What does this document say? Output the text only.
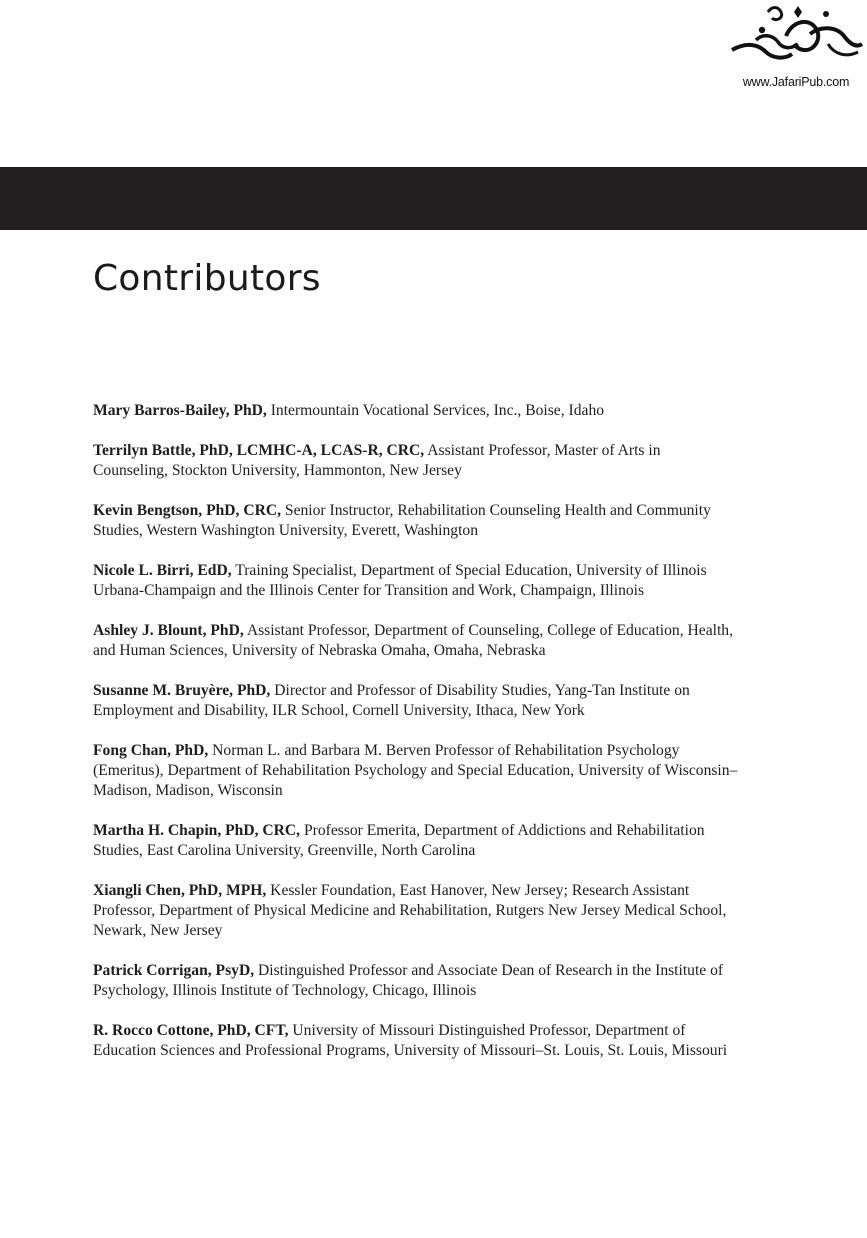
www.JafariPub.com
Contributors

Mary Barros-Bailey, PhD, Intermountain Vocational Services, Inc., Boise, Idaho

Terrilyn Battle, PhD, LCMHC-A, LCAS-R, CRC, Assistant Professor, Master of Arts in Counseling, Stockton University, Hammonton, New Jersey

Kevin Bengtson, PhD, CRC, Senior Instructor, Rehabilitation Counseling Health and Community Studies, Western Washington University, Everett, Washington

Nicole L. Birri, EdD, Training Specialist, Department of Special Education, University of Illinois Urbana-Champaign and the Illinois Center for Transition and Work, Champaign, Illinois

Ashley J. Blount, PhD, Assistant Professor, Department of Counseling, College of Education, Health, and Human Sciences, University of Nebraska Omaha, Omaha, Nebraska

Susanne M. Bruyère, PhD, Director and Professor of Disability Studies, Yang-Tan Institute on Employment and Disability, ILR School, Cornell University, Ithaca, New York

Fong Chan, PhD, Norman L. and Barbara M. Berven Professor of Rehabilitation Psychology (Emeritus), Department of Rehabilitation Psychology and Special Education, University of Wisconsin–Madison, Madison, Wisconsin

Martha H. Chapin, PhD, CRC, Professor Emerita, Department of Addictions and Rehabilitation Studies, East Carolina University, Greenville, North Carolina

Xiangli Chen, PhD, MPH, Kessler Foundation, East Hanover, New Jersey; Research Assistant Professor, Department of Physical Medicine and Rehabilitation, Rutgers New Jersey Medical School, Newark, New Jersey

Patrick Corrigan, PsyD, Distinguished Professor and Associate Dean of Research in the Institute of Psychology, Illinois Institute of Technology, Chicago, Illinois

R. Rocco Cottone, PhD, CFT, University of Missouri Distinguished Professor, Department of Education Sciences and Professional Programs, University of Missouri–St. Louis, St. Louis, Missouri
